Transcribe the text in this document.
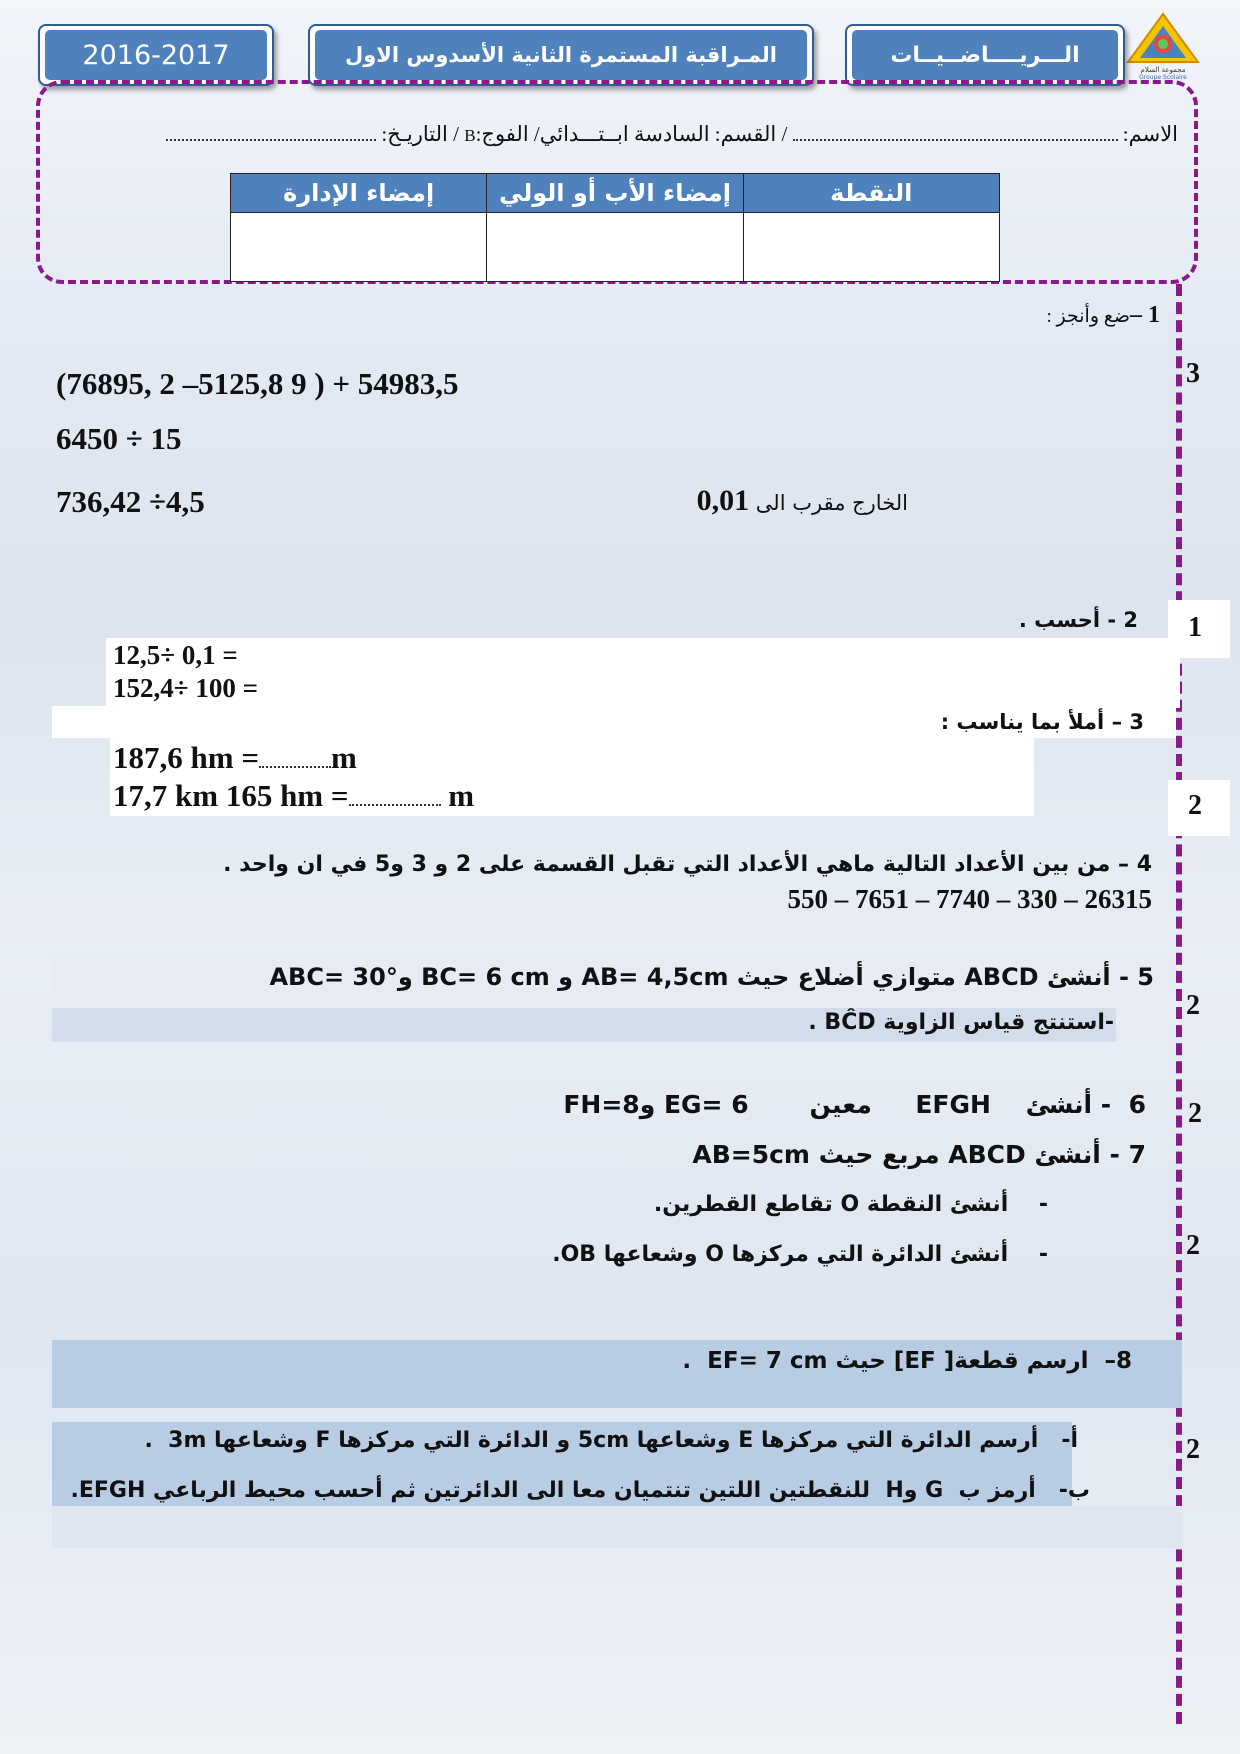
مجموعة السلام
Groupe Scolaire
الـــريــــاضــيــات
المـراقبة المستمرة الثانية الأسدوس الاول
2016-2017
الاسم:  / القسم: السادسة ابــتـــدائي/ الفوج:B / التاريـخ:
النقطة	إمضاء الأب أو الولي	إمضاء الإدارة

1 –ضع وأنجز :
3
(76895, 2 –5125,8 9 ) + 54983,5
6450 ÷ 15
736,42 ÷4,5	الخارج مقرب الى 0,01
2 - أحسب . 1
12,5÷ 0,1 =
152,4÷ 100 =
3 – أملأ بما يناسب :
2
187,6 hm = m
17,7 km 165 hm =	m
4 – من بين الأعداد التالية ماهي الأعداد التي تقبل القسمة على 2 و 3 و5 في ان واحد .
550 – 7651 – 7740 – 330 – 26315
5 - أنشئ ABCD متوازي أضلاع حيث AB= 4,5cm و BC= 6 cm و°ABC= 30
-استنتج قياس الزاوية BĈD .
2
6  - أنشئ    EFGH     معين       EG= 6 وFH=8 2
7 - أنشئ ABCD مربع حيث AB=5cm
-    أنشئ النقطة O تقاطع القطرين.
-    أنشئ الدائرة التي مركزها O وشعاعها OB.	2
8–  ارسم قطعة[ EF] حيث EF= 7 cm  .
أ-   أرسم الدائرة التي مركزها E وشعاعها 5cm و الدائرة التي مركزها F وشعاعها 3m  .
ب-   أرمز ب  G وH  للنقطتين اللتين تنتميان معا الى الدائرتين ثم أحسب محيط الرباعي EFGH.
2
